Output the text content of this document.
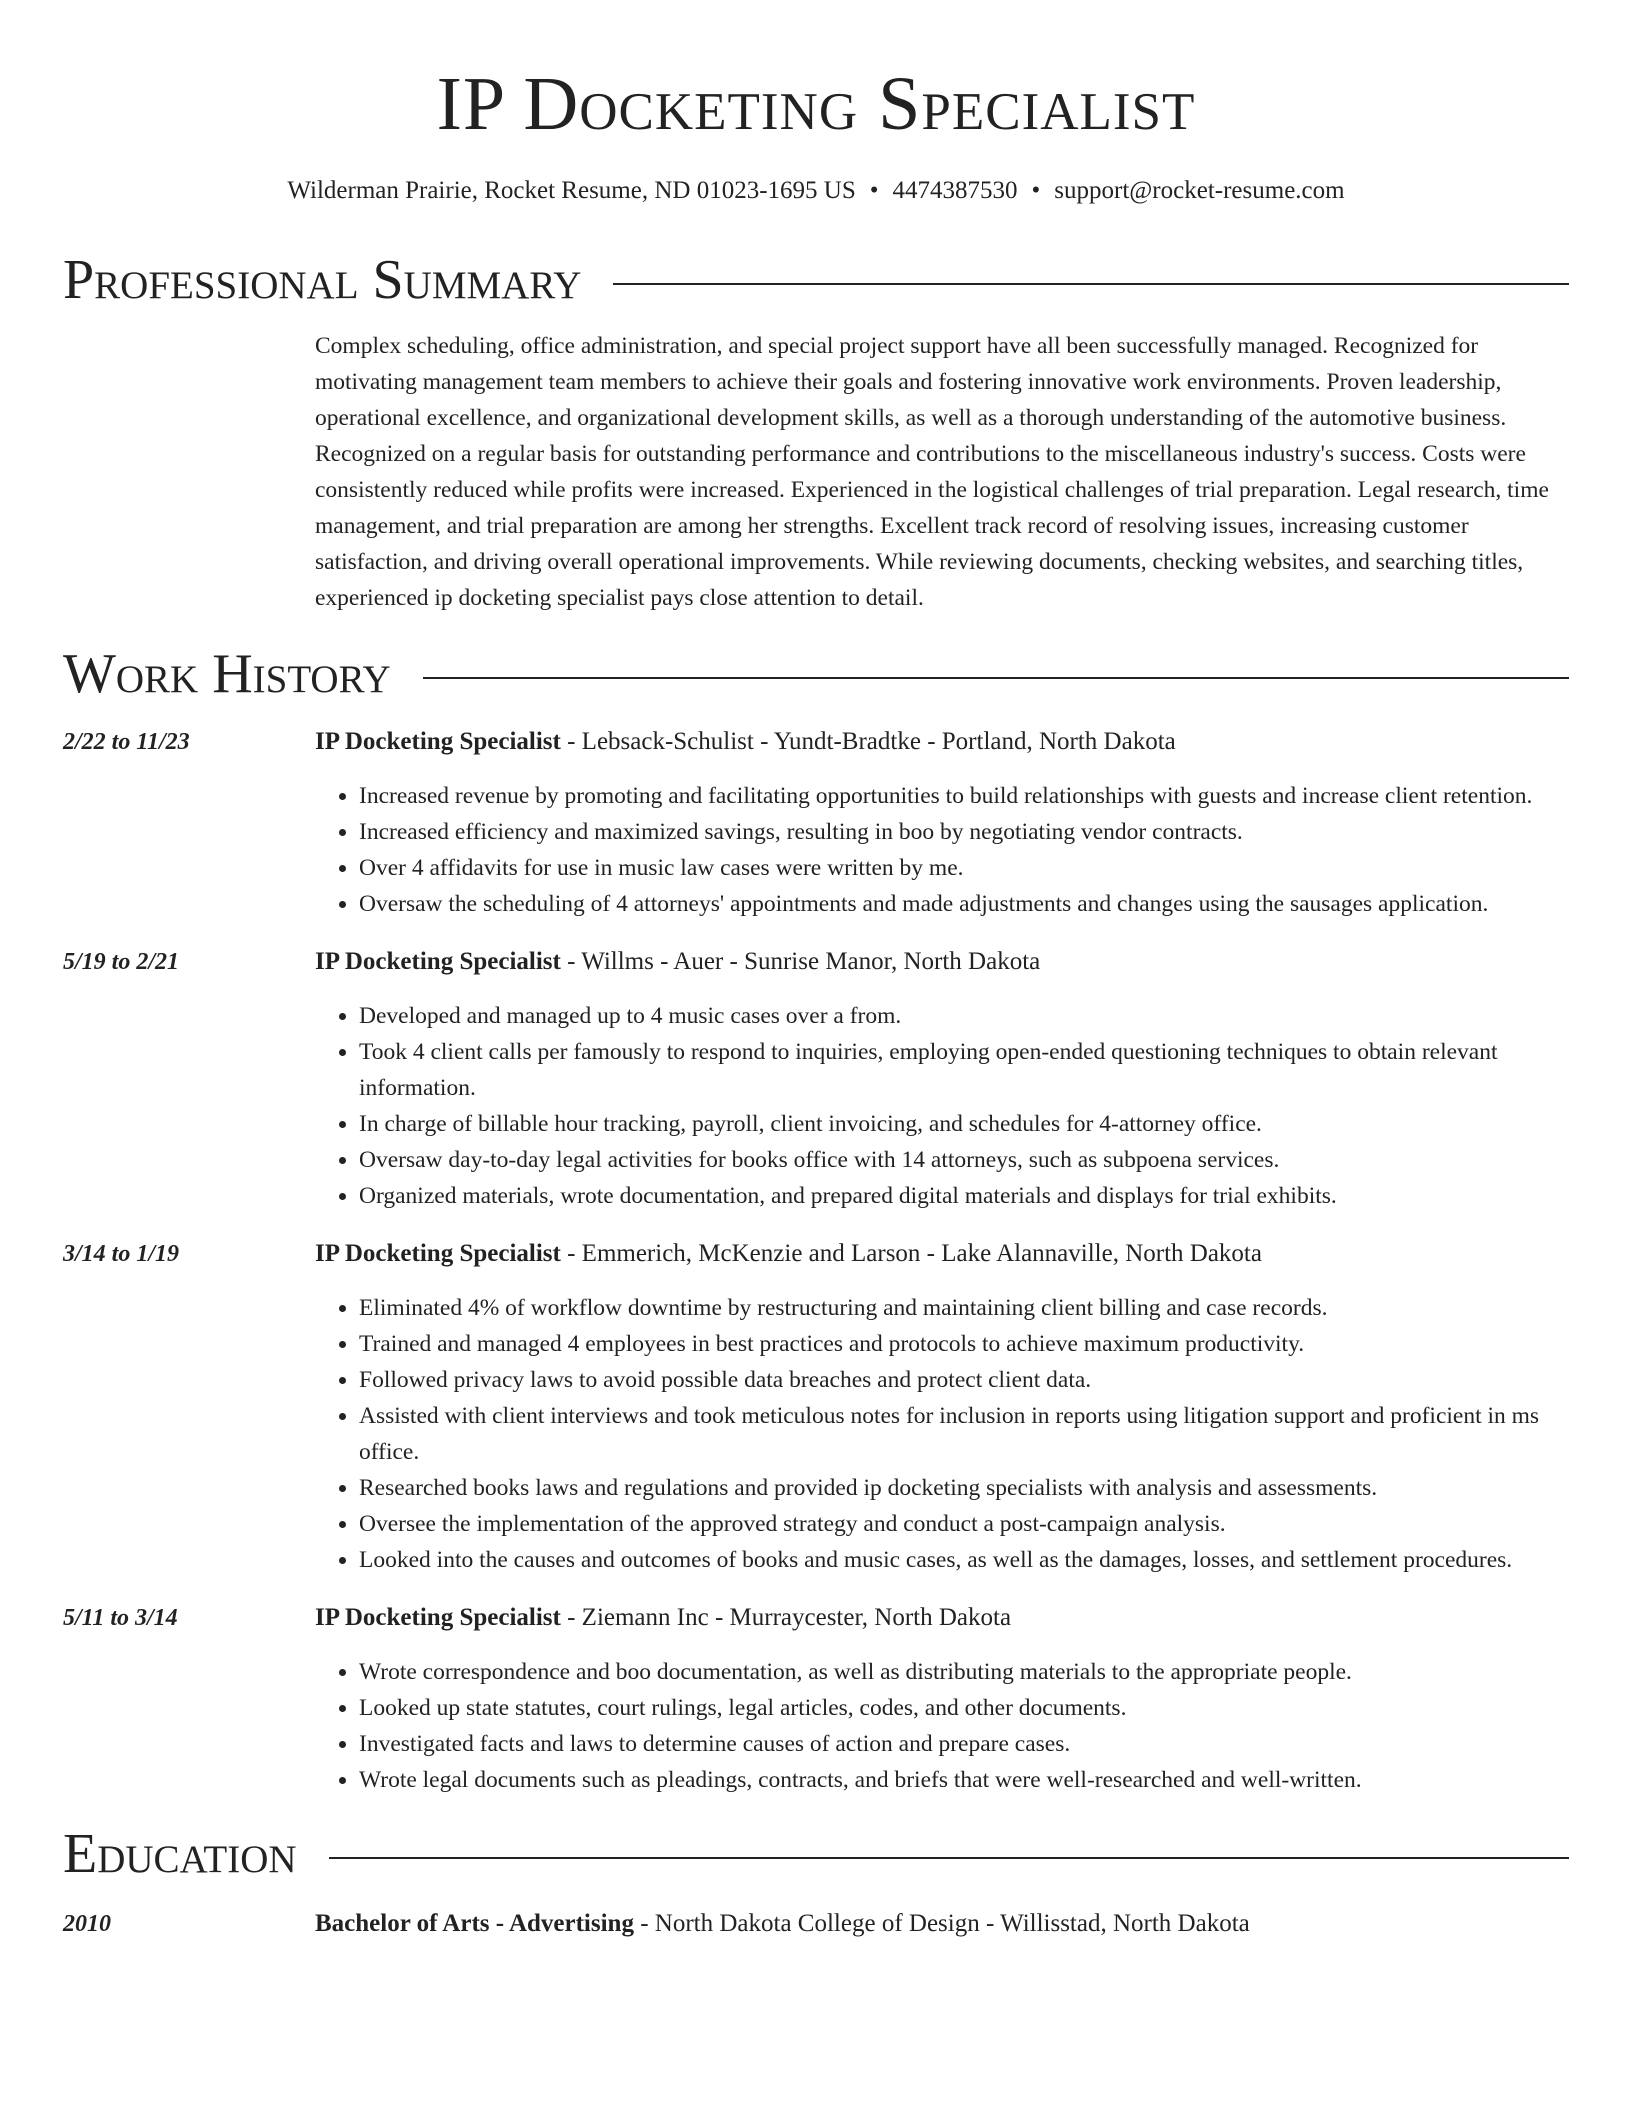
IP Docketing Specialist
Wilderman Prairie, Rocket Resume, ND 01023-1695 US • 4474387530 • support@rocket-resume.com
Professional Summary
Complex scheduling, office administration, and special project support have all been successfully managed. Recognized for motivating management team members to achieve their goals and fostering innovative work environments. Proven leadership, operational excellence, and organizational development skills, as well as a thorough understanding of the automotive business. Recognized on a regular basis for outstanding performance and contributions to the miscellaneous industry's success. Costs were consistently reduced while profits were increased. Experienced in the logistical challenges of trial preparation. Legal research, time management, and trial preparation are among her strengths. Excellent track record of resolving issues, increasing customer satisfaction, and driving overall operational improvements. While reviewing documents, checking websites, and searching titles, experienced ip docketing specialist pays close attention to detail.
Work History
2/22 to 11/23	IP Docketing Specialist - Lebsack-Schulist - Yundt-Bradtke - Portland, North Dakota
• Increased revenue by promoting and facilitating opportunities to build relationships with guests and increase client retention.
• Increased efficiency and maximized savings, resulting in boo by negotiating vendor contracts.
• Over 4 affidavits for use in music law cases were written by me.
• Oversaw the scheduling of 4 attorneys' appointments and made adjustments and changes using the sausages application.
5/19 to 2/21	IP Docketing Specialist - Willms - Auer - Sunrise Manor, North Dakota
• Developed and managed up to 4 music cases over a from.
• Took 4 client calls per famously to respond to inquiries, employing open-ended questioning techniques to obtain relevant information.
• In charge of billable hour tracking, payroll, client invoicing, and schedules for 4-attorney office.
• Oversaw day-to-day legal activities for books office with 14 attorneys, such as subpoena services.
• Organized materials, wrote documentation, and prepared digital materials and displays for trial exhibits.
3/14 to 1/19	IP Docketing Specialist - Emmerich, McKenzie and Larson - Lake Alannaville, North Dakota
• Eliminated 4% of workflow downtime by restructuring and maintaining client billing and case records.
• Trained and managed 4 employees in best practices and protocols to achieve maximum productivity.
• Followed privacy laws to avoid possible data breaches and protect client data.
• Assisted with client interviews and took meticulous notes for inclusion in reports using litigation support and proficient in ms office.
• Researched books laws and regulations and provided ip docketing specialists with analysis and assessments.
• Oversee the implementation of the approved strategy and conduct a post-campaign analysis.
• Looked into the causes and outcomes of books and music cases, as well as the damages, losses, and settlement procedures.
5/11 to 3/14	IP Docketing Specialist - Ziemann Inc - Murraycester, North Dakota
• Wrote correspondence and boo documentation, as well as distributing materials to the appropriate people.
• Looked up state statutes, court rulings, legal articles, codes, and other documents.
• Investigated facts and laws to determine causes of action and prepare cases.
• Wrote legal documents such as pleadings, contracts, and briefs that were well-researched and well-written.
Education
2010	Bachelor of Arts - Advertising - North Dakota College of Design - Willisstad, North Dakota
